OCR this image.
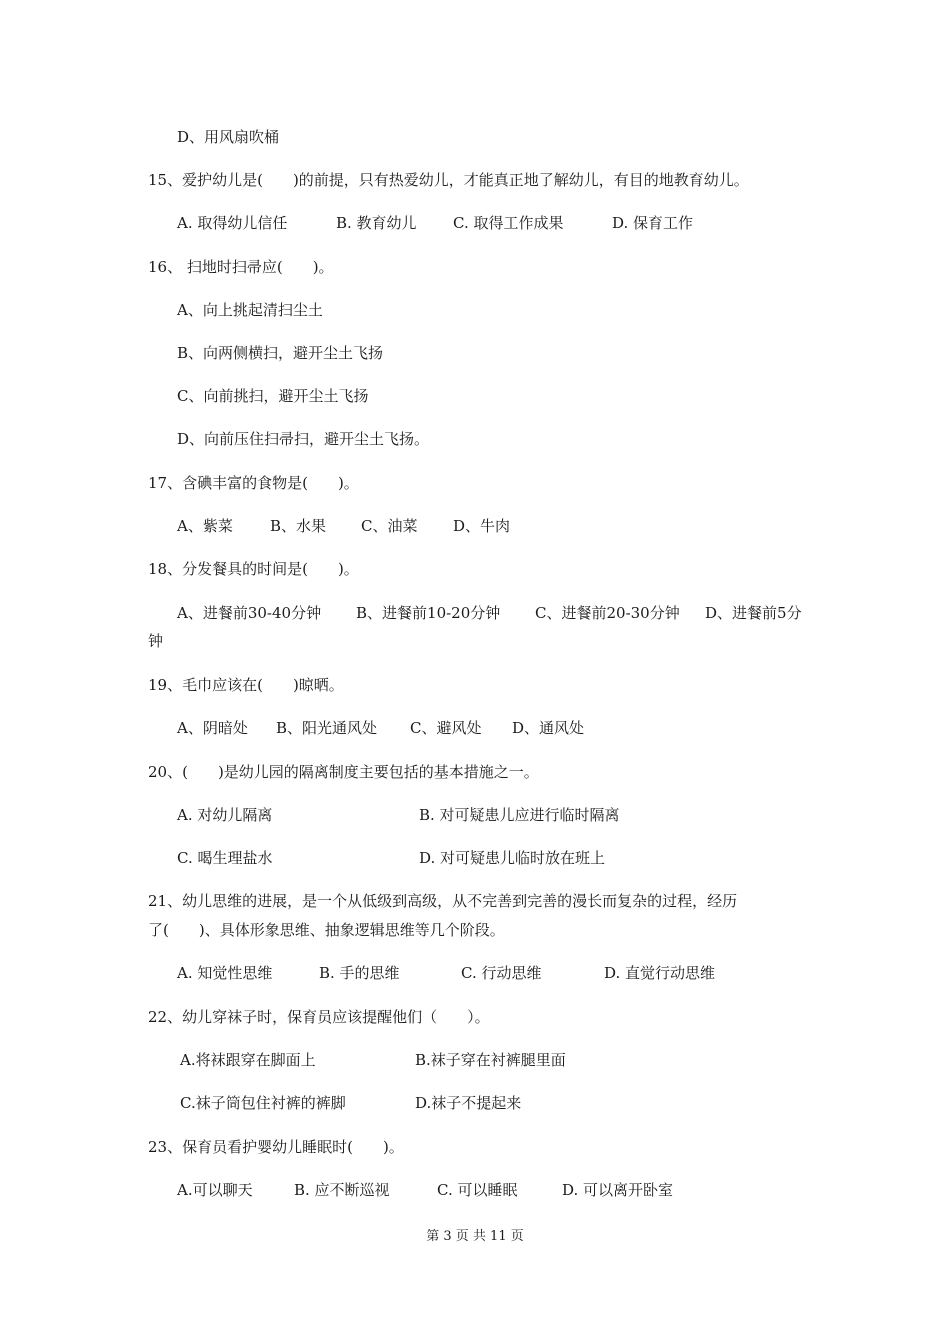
D、用风扇吹桶
15、爱护幼儿是(　　)的前提，只有热爱幼儿，才能真正地了解幼儿，有目的地教育幼儿。
A. 取得幼儿信任	B. 教育幼儿 C. 取得工作成果	D. 保育工作
16、 扫地时扫帚应(　　)。
A、向上挑起清扫尘土
B、向两侧横扫，避开尘土飞扬
C、向前挑扫，避开尘土飞扬
D、向前压住扫帚扫，避开尘土飞扬。
17、含碘丰富的食物是(　　)。
A、紫菜 B、水果 C、油菜 D、牛肉
18、分发餐具的时间是(　　)。
A、进餐前30-40分钟 B、进餐前10-20分钟 C、进餐前20-30分钟 D、进餐前5分
钟
19、毛巾应该在(　　)晾晒。
A、阴暗处 B、阳光通风处 C、避风处 D、通风处
20、(　　)是幼儿园的隔离制度主要包括的基本措施之一。
A. 对幼儿隔离	B. 对可疑患儿应进行临时隔离
C. 喝生理盐水	D. 对可疑患儿临时放在班上
21、幼儿思维的进展，是一个从低级到高级，从不完善到完善的漫长而复杂的过程，经历
了(　　)、具体形象思维、抽象逻辑思维等几个阶段。
A. 知觉性思维	B. 手的思维	C. 行动思维	D. 直觉行动思维
22、幼儿穿袜子时，保育员应该提醒他们（　　）。
A.将袜跟穿在脚面上	B.袜子穿在衬裤腿里面
C.袜子筒包住衬裤的裤脚	D.袜子不提起来
23、保育员看护婴幼儿睡眠时(　　)。
A.可以聊天	B. 应不断巡视	C. 可以睡眠	D. 可以离开卧室
第 3 页 共 11 页
